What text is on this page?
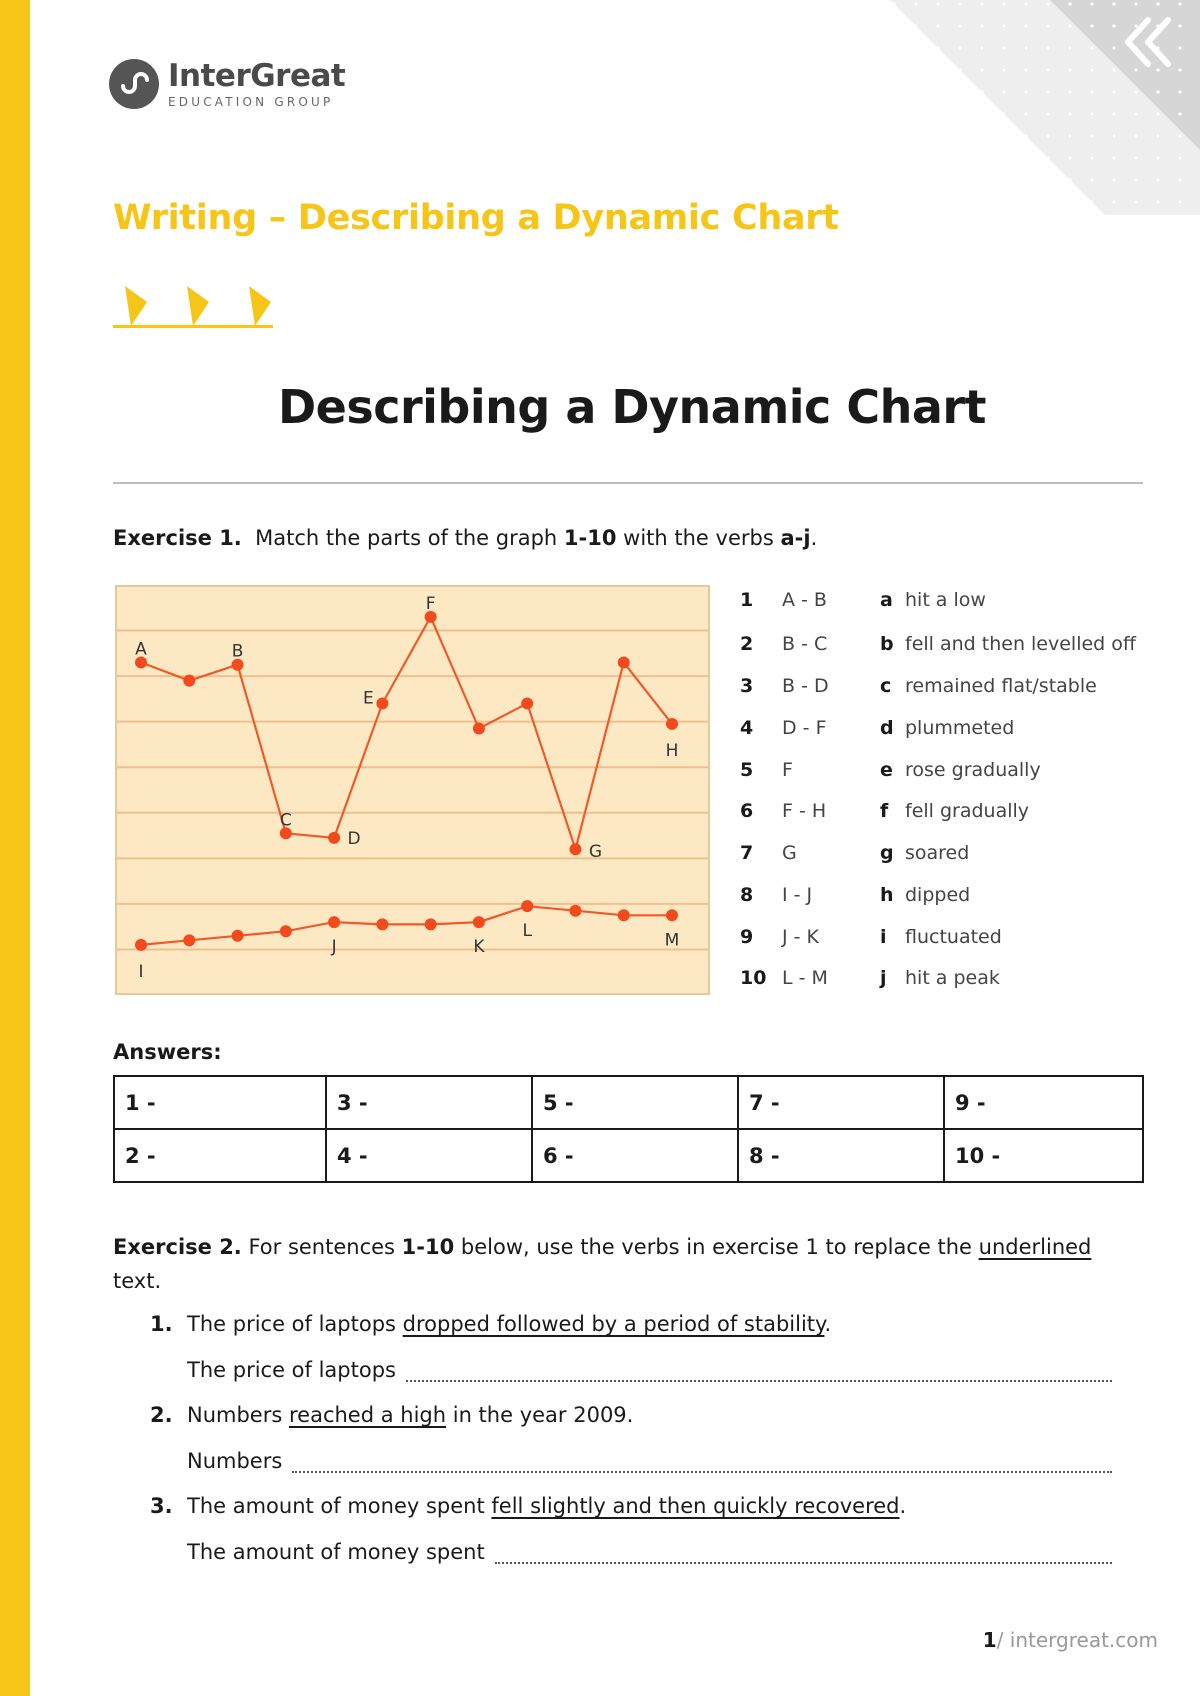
InterGreat
EDUCATION GROUP
Writing – Describing a Dynamic Chart
Describing a Dynamic Chart
Exercise 1. Match the parts of the graph 1-10 with the verbs a-j.
A	B
C
D
E
F
G
H
I
J	K
L	M
1 A - B	a hit a low
2 B - C	b fell and then levelled off
3 B - D	c remained flat/stable
4 D - F	d plummeted
5 F	e rose gradually
6 F - H	f fell gradually
7 G	g soared
8 I - J	h dipped
9 J - K	i fluctuated
10 L - M	j hit a peak
Answers:
1 -	3 -	5 -	7 -	9 -
2 -	4 -	6 -	8 -	10 -
Exercise 2. For sentences 1-10 below, use the verbs in exercise 1 to replace the underlined
text.
1. The price of laptops dropped followed by a period of stability.
The price of laptops
2. Numbers reached a high in the year 2009.
Numbers
3. The amount of money spent fell slightly and then quickly recovered.
The amount of money spent
1/ intergreat.com
